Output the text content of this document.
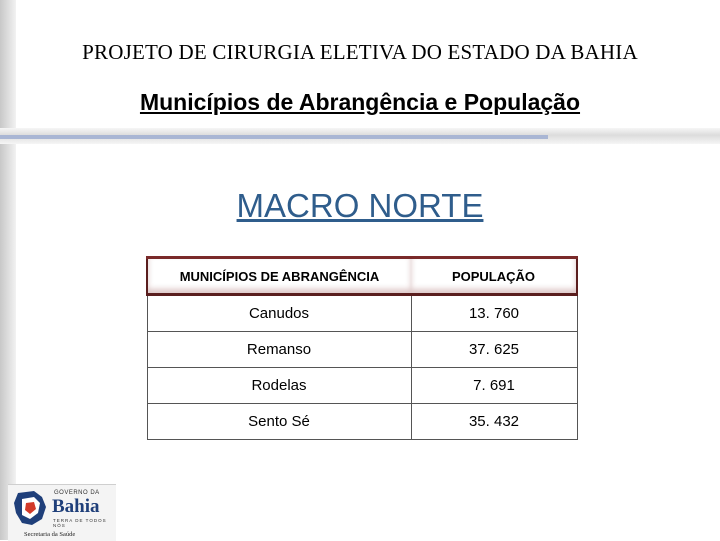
PROJETO DE CIRURGIA ELETIVA DO ESTADO DA BAHIA
Municípios de Abrangência e População
MACRO NORTE
MUNICÍPIOS DE ABRANGÊNCIA	POPULAÇÃO
Canudos	13. 760
Remanso	37. 625
Rodelas	7. 691
Sento Sé	35. 432
GOVERNO DA
Bahia
TERRA DE TODOS NÓS
Secretaria da Saúde
